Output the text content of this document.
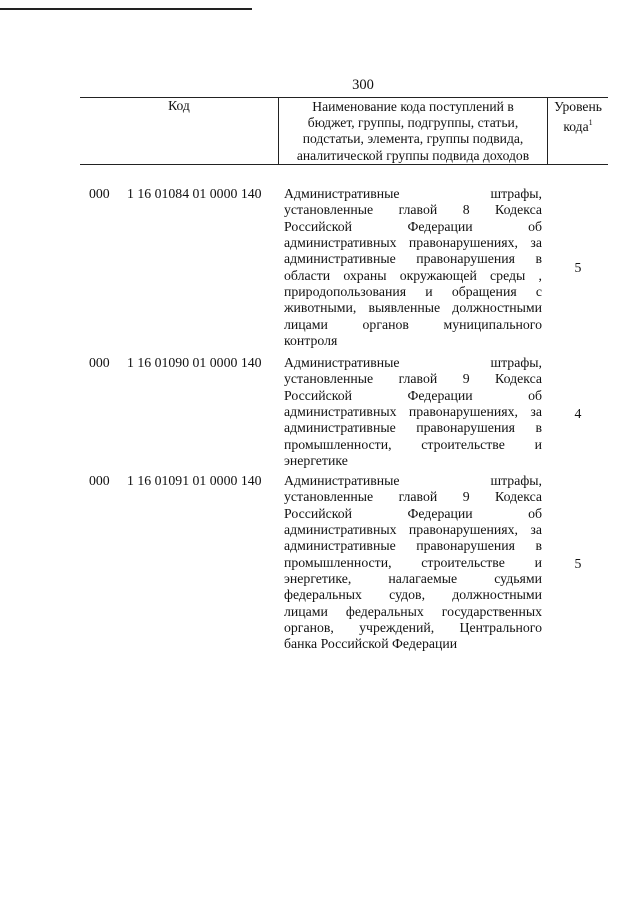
300
Код	Наименование кода поступлений в
бюджет, группы, подгруппы, статьи,
подстатьи, элемента, группы подвида,
аналитической группы подвида доходов
Уровень
кода$^1$
000 1 16 01084 01 0000 140 Административные штрафы,
установленные главой 8 Кодекса
Российской Федерации об
административных правонарушениях, за
административные правонарушения в
области охраны окружающей среды ,
природопользования и обращения с
животными, выявленные должностными
лицами органов муниципального
контроля
5
000 1 16 01090 01 0000 140 Административные штрафы,
установленные главой 9 Кодекса
Российской Федерации об
административных правонарушениях, за
административные правонарушения в
промышленности, строительстве и
энергетике
4
000 1 16 01091 01 0000 140 Административные штрафы,
установленные главой 9 Кодекса
Российской Федерации об
административных правонарушениях, за
административные правонарушения в
промышленности, строительстве и
энергетике, налагаемые судьями
федеральных судов, должностными
лицами федеральных государственных
органов, учреждений, Центрального
банка Российской Федерации
5
